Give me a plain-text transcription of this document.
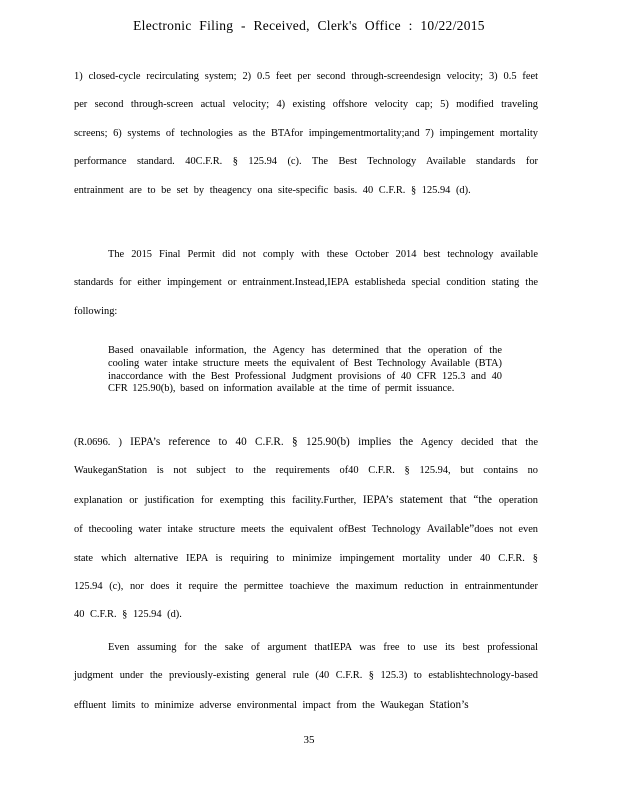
Electronic Filing - Received, Clerk's Office : 10/22/2015
1) closed-cycle recirculating system; 2) 0.5 feet per second through-screendesign velocity; 3) 0.5 feet per second through-screen actual velocity; 4) existing offshore velocity cap; 5) modified traveling screens; 6) systems of technologies as the BTAfor impingementmortality;and 7) impingement mortality performance standard. 40C.F.R. § 125.94 (c). The Best Technology Available standards for entrainment are to be set by theagency ona site-specific basis. 40 C.F.R. § 125.94 (d).
The 2015 Final Permit did not comply with these October 2014 best technology available standards for either impingement or entrainment.Instead,IEPA establisheda special condition stating the following:
Based onavailable information, the Agency has determined that the operation of the cooling water intake structure meets the equivalent of Best Technology Available (BTA) inaccordance with the Best Professional Judgment provisions of 40 CFR 125.3 and 40 CFR 125.90(b), based on information available at the time of permit issuance.
(R.0696. ) IEPA’s reference to 40 C.F.R. § 125.90(b) implies the Agency decided that the WaukeganStation is not subject to the requirements of40 C.F.R. § 125.94, but contains no explanation or justification for exempting this facility.Further, IEPA’s statement that “the operation of thecooling water intake structure meets the equivalent ofBest Technology Available”does not even state which alternative IEPA is requiring to minimize impingement mortality under 40 C.F.R. § 125.94 (c), nor does it require the permittee toachieve the maximum reduction in entrainmentunder 40 C.F.R. § 125.94 (d).
Even assuming for the sake of argument thatIEPA was free to use its best professional judgment under the previously-existing general rule (40 C.F.R. § 125.3) to establishtechnology-based effluent limits to minimize adverse environmental impact from the Waukegan Station’s
35
